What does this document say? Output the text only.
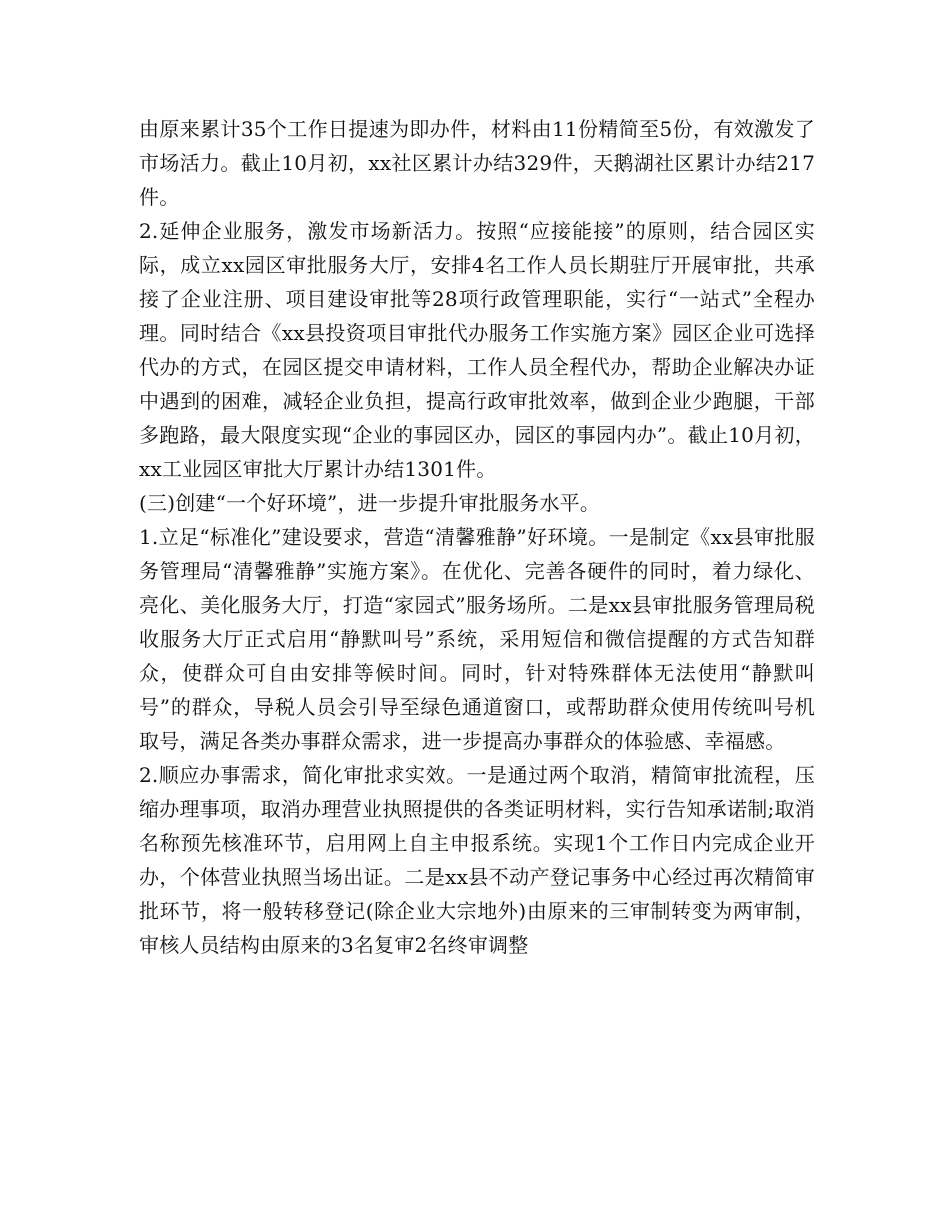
由原来累计35个工作日提速为即办件，材料由11份精简至5份，有效激发了市场活力。截止10月初，xx社区累计办结329件，天鹅湖社区累计办结217件。

2.延伸企业服务，激发市场新活力。按照“应接能接”的原则，结合园区实际，成立xx园区审批服务大厅，安排4名工作人员长期驻厅开展审批，共承接了企业注册、项目建设审批等28项行政管理职能，实行“一站式”全程办理。同时结合《xx县投资项目审批代办服务工作实施方案》园区企业可选择代办的方式，在园区提交申请材料，工作人员全程代办，帮助企业解决办证中遇到的困难，减轻企业负担，提高行政审批效率，做到企业少跑腿，干部多跑路，最大限度实现“企业的事园区办，园区的事园内办”。截止10月初，xx工业园区审批大厅累计办结1301件。

(三)创建“一个好环境”，进一步提升审批服务水平。

1.立足“标准化”建设要求，营造“清馨雅静”好环境。一是制定《xx县审批服务管理局“清馨雅静”实施方案》。在优化、完善各硬件的同时，着力绿化、亮化、美化服务大厅，打造“家园式”服务场所。二是xx县审批服务管理局税收服务大厅正式启用“静默叫号”系统，采用短信和微信提醒的方式告知群众，使群众可自由安排等候时间。同时，针对特殊群体无法使用“静默叫号”的群众，导税人员会引导至绿色通道窗口，或帮助群众使用传统叫号机取号，满足各类办事群众需求，进一步提高办事群众的体验感、幸福感。

2.顺应办事需求，简化审批求实效。一是通过两个取消，精简审批流程，压缩办理事项，取消办理营业执照提供的各类证明材料，实行告知承诺制;取消名称预先核准环节，启用网上自主申报系统。实现1个工作日内完成企业开办，个体营业执照当场出证。二是xx县不动产登记事务中心经过再次精简审批环节，将一般转移登记(除企业大宗地外)由原来的三审制转变为两审制，审核人员结构由原来的3名复审2名终审调整
